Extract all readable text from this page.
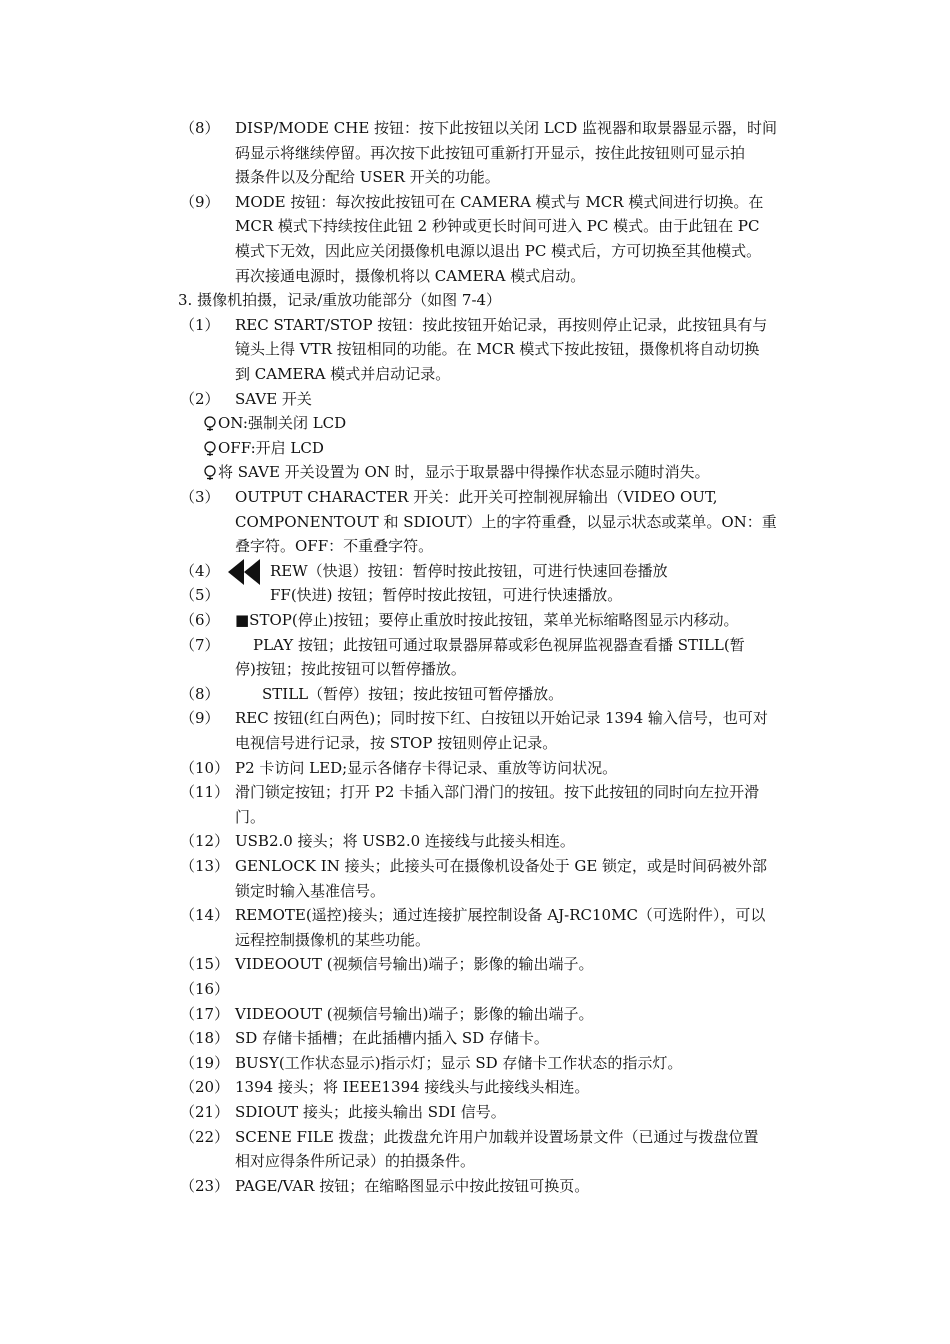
（8） DISP/MODE CHE 按钮：按下此按钮以关闭 LCD 监视器和取景器显示器，时间
码显示将继续停留。再次按下此按钮可重新打开显示，按住此按钮则可显示拍
摄条件以及分配给 USER 开关的功能。
（9） MODE 按钮：每次按此按钮可在 CAMERA 模式与 MCR 模式间进行切换。在
MCR 模式下持续按住此钮 2 秒钟或更长时间可进入 PC 模式。由于此钮在 PC
模式下无效，因此应关闭摄像机电源以退出 PC 模式后，方可切换至其他模式。
再次接通电源时，摄像机将以 CAMERA 模式启动。
3. 摄像机拍摄，记录/重放功能部分（如图 7-4）
（1） REC START/STOP 按钮：按此按钮开始记录，再按则停止记录，此按钮具有与
镜头上得 VTR 按钮相同的功能。在 MCR 模式下按此按钮，摄像机将自动切换
到 CAMERA 模式并启动记录。
（2） SAVE 开关
ON:强制关闭 LCD
OFF:开启 LCD
将 SAVE 开关设置为 ON 时，显示于取景器中得操作状态显示随时消失。
（3） OUTPUT CHARACTER 开关：此开关可控制视屏输出（VIDEO OUT,
COMPONENTOUT 和 SDIOUT）上的字符重叠，以显示状态或菜单。ON：重
叠字符。OFF：不重叠字符。
（4）	REW（快退）按钮：暂停时按此按钮，可进行快速回卷播放
（5）	FF(快进) 按钮；暂停时按此按钮，可进行快速播放。
（6） ■STOP(停止)按钮；要停止重放时按此按钮，菜单光标缩略图显示内移动。
（7） PLAY 按钮；此按钮可通过取景器屏幕或彩色视屏监视器查看播 STILL(暂
停)按钮；按此按钮可以暂停播放。
（8）	STILL（暂停）按钮；按此按钮可暂停播放。
（9） REC 按钮(红白两色)；同时按下红、白按钮以开始记录 1394 输入信号，也可对
电视信号进行记录，按 STOP 按钮则停止记录。
（10） P2 卡访问 LED;显示各储存卡得记录、重放等访问状况。
（11） 滑门锁定按钮；打开 P2 卡插入部门滑门的按钮。按下此按钮的同时向左拉开滑
门。
（12） USB2.0 接头；将 USB2.0 连接线与此接头相连。
（13） GENLOCK IN 接头；此接头可在摄像机设备处于 GE 锁定，或是时间码被外部
锁定时输入基准信号。
（14） REMOTE(遥控)接头；通过连接扩展控制设备 AJ-RC10MC（可选附件），可以
远程控制摄像机的某些功能。
（15） VIDEOOUT (视频信号输出)端子；影像的输出端子。
（16）
（17） VIDEOOUT (视频信号输出)端子；影像的输出端子。
（18） SD 存储卡插槽；在此插槽内插入 SD 存储卡。
（19） BUSY(工作状态显示)指示灯；显示 SD 存储卡工作状态的指示灯。
（20） 1394 接头；将 IEEE1394 接线头与此接线头相连。
（21） SDIOUT 接头；此接头输出 SDI 信号。
（22） SCENE FILE 拨盘；此拨盘允许用户加载并设置场景文件（已通过与拨盘位置
相对应得条件所记录）的拍摄条件。
（23） PAGE/VAR 按钮；在缩略图显示中按此按钮可换页。
